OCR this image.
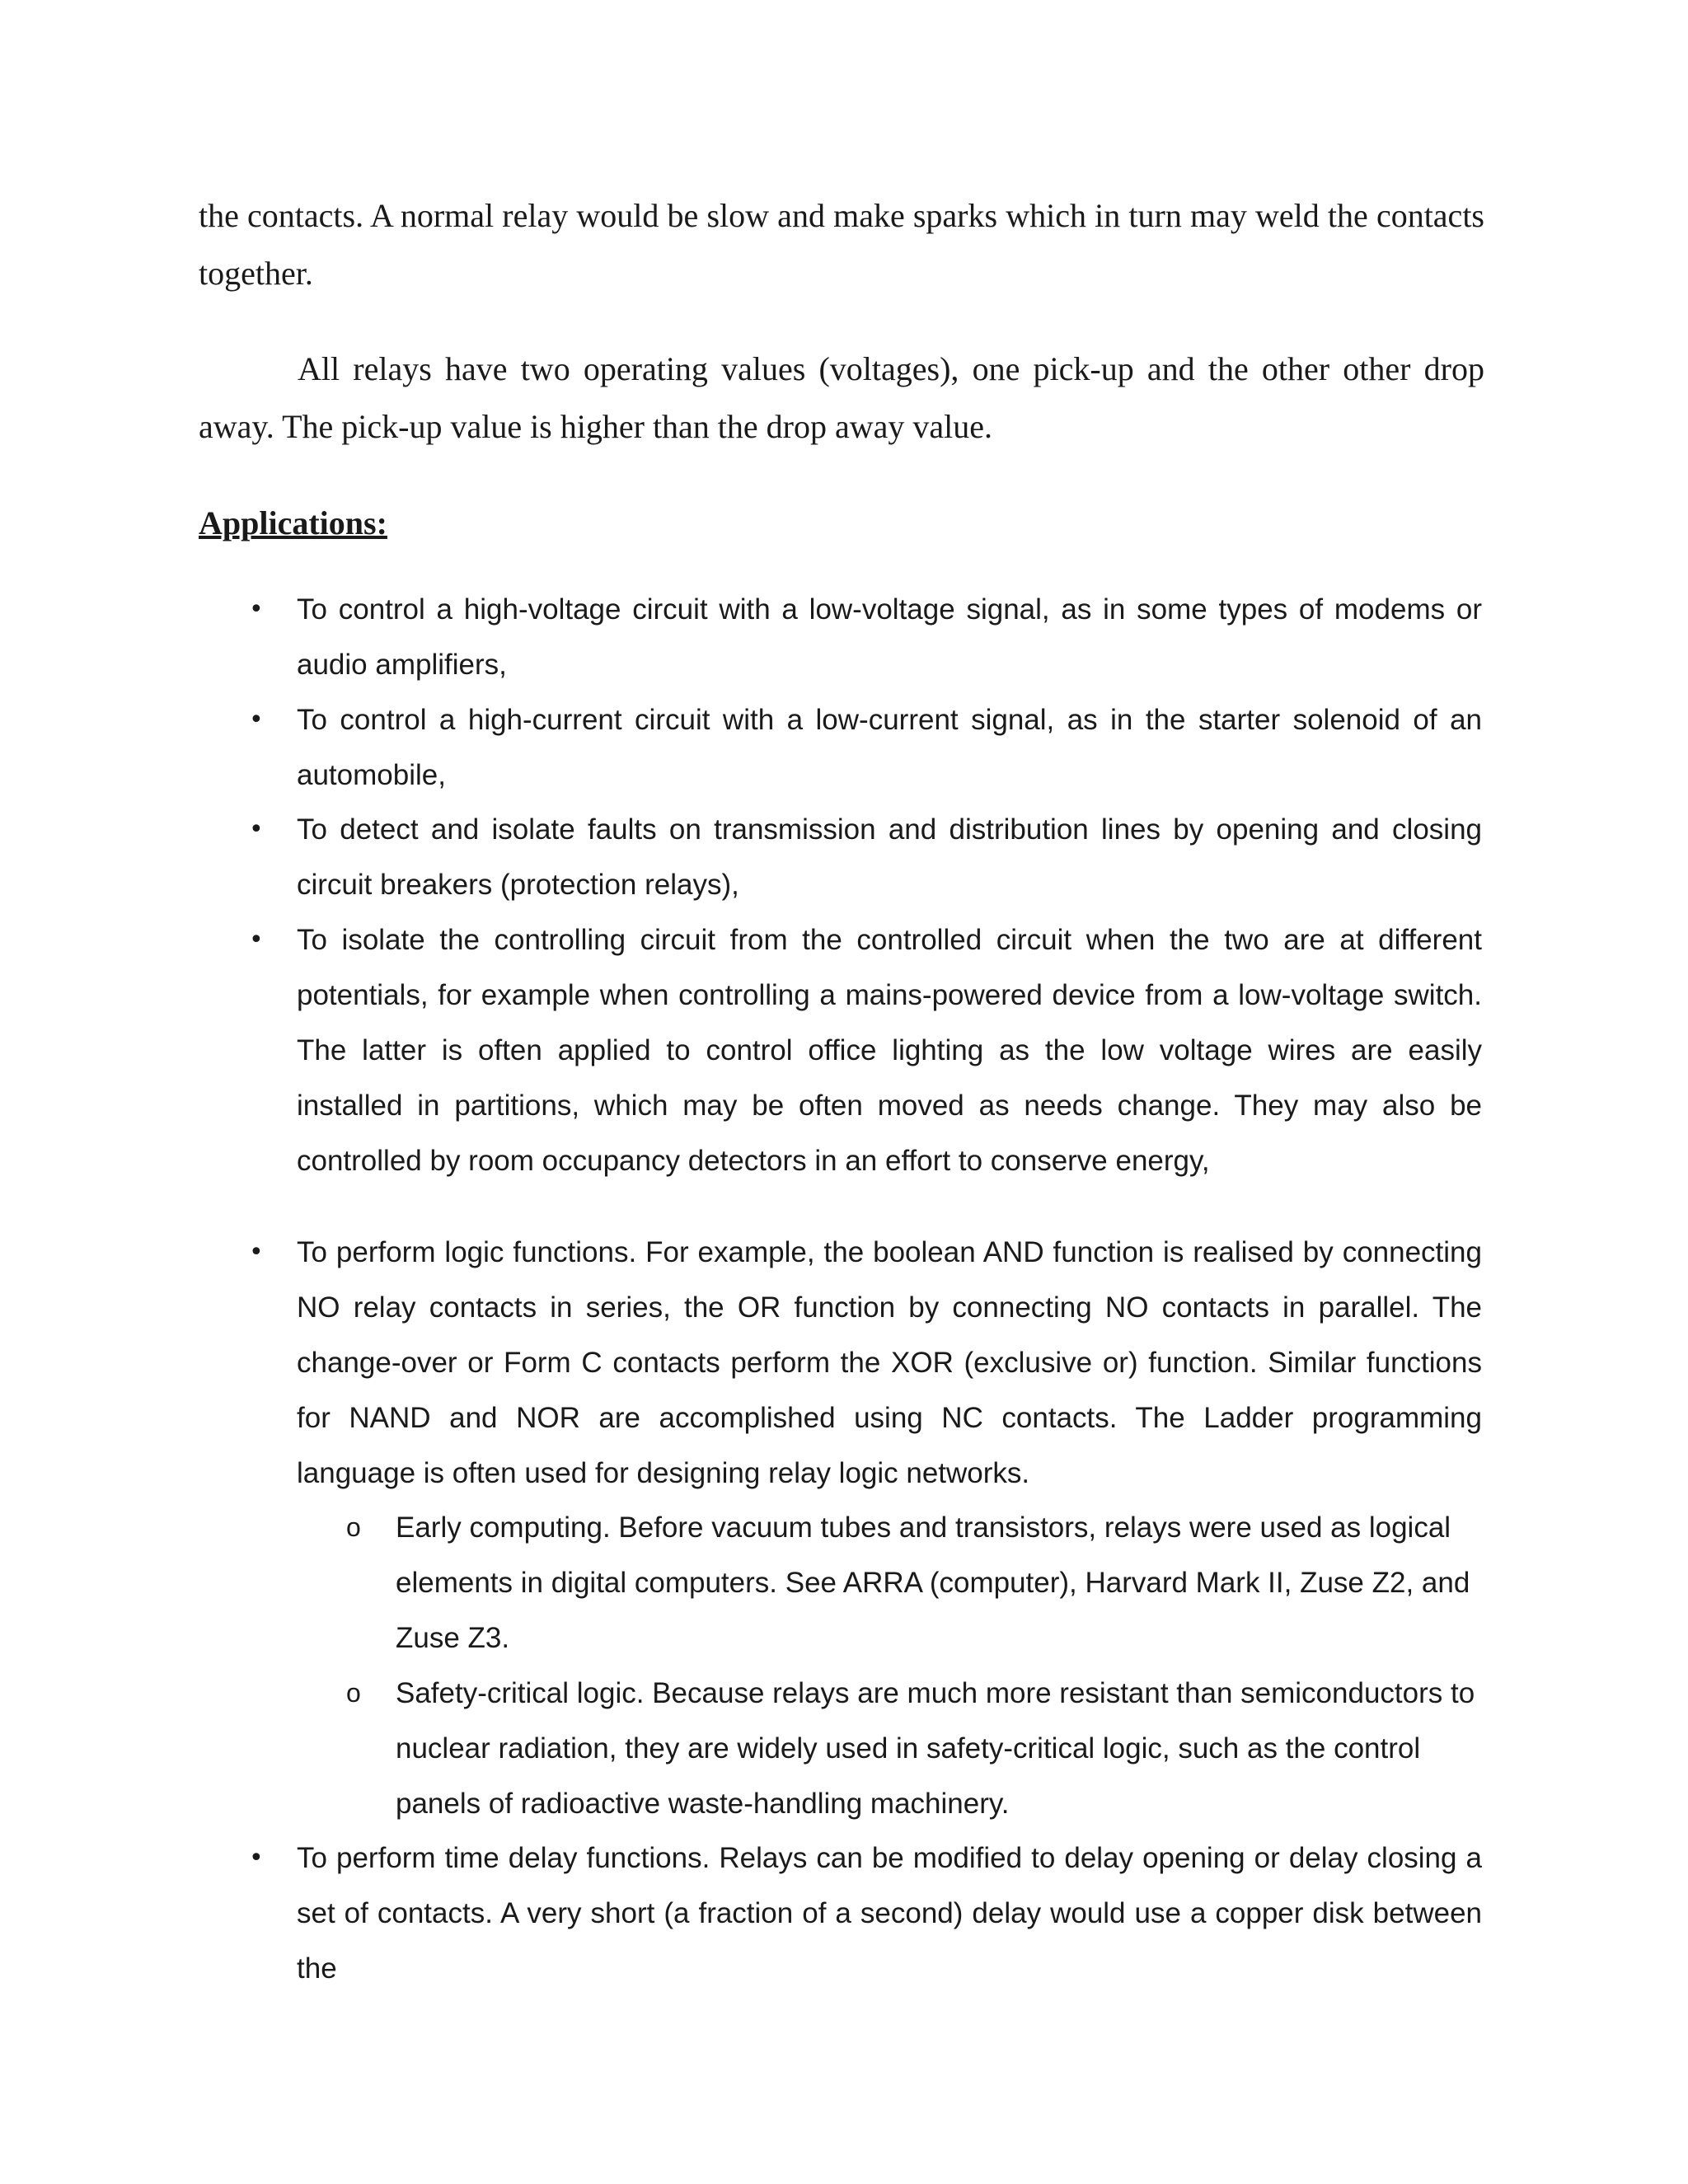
the contacts. A normal relay would be slow and make sparks which in turn may weld the contacts together.

All relays have two operating values (voltages), one pick-up and the other other drop away. The pick-up value is higher than the drop away value.

Applications:
• To control a high-voltage circuit with a low-voltage signal, as in some types of modems or audio amplifiers,
• To control a high-current circuit with a low-current signal, as in the starter solenoid of an automobile,
• To detect and isolate faults on transmission and distribution lines by opening and closing circuit breakers (protection relays),
• To isolate the controlling circuit from the controlled circuit when the two are at different potentials, for example when controlling a mains-powered device from a low-voltage switch. The latter is often applied to control office lighting as the low voltage wires are easily installed in partitions, which may be often moved as needs change. They may also be controlled by room occupancy detectors in an effort to conserve energy,
• To perform logic functions. For example, the boolean AND function is realised by connecting NO relay contacts in series, the OR function by connecting NO contacts in parallel. The change-over or Form C contacts perform the XOR (exclusive or) function. Similar functions for NAND and NOR are accomplished using NC contacts. The Ladder programming language is often used for designing relay logic networks.
o Early computing. Before vacuum tubes and transistors, relays were used as logical elements in digital computers. See ARRA (computer), Harvard Mark II, Zuse Z2, and Zuse Z3.
o Safety-critical logic. Because relays are much more resistant than semiconductors to nuclear radiation, they are widely used in safety-critical logic, such as the control panels of radioactive waste-handling machinery.
• To perform time delay functions. Relays can be modified to delay opening or delay closing a set of contacts. A very short (a fraction of a second) delay would use a copper disk between the
